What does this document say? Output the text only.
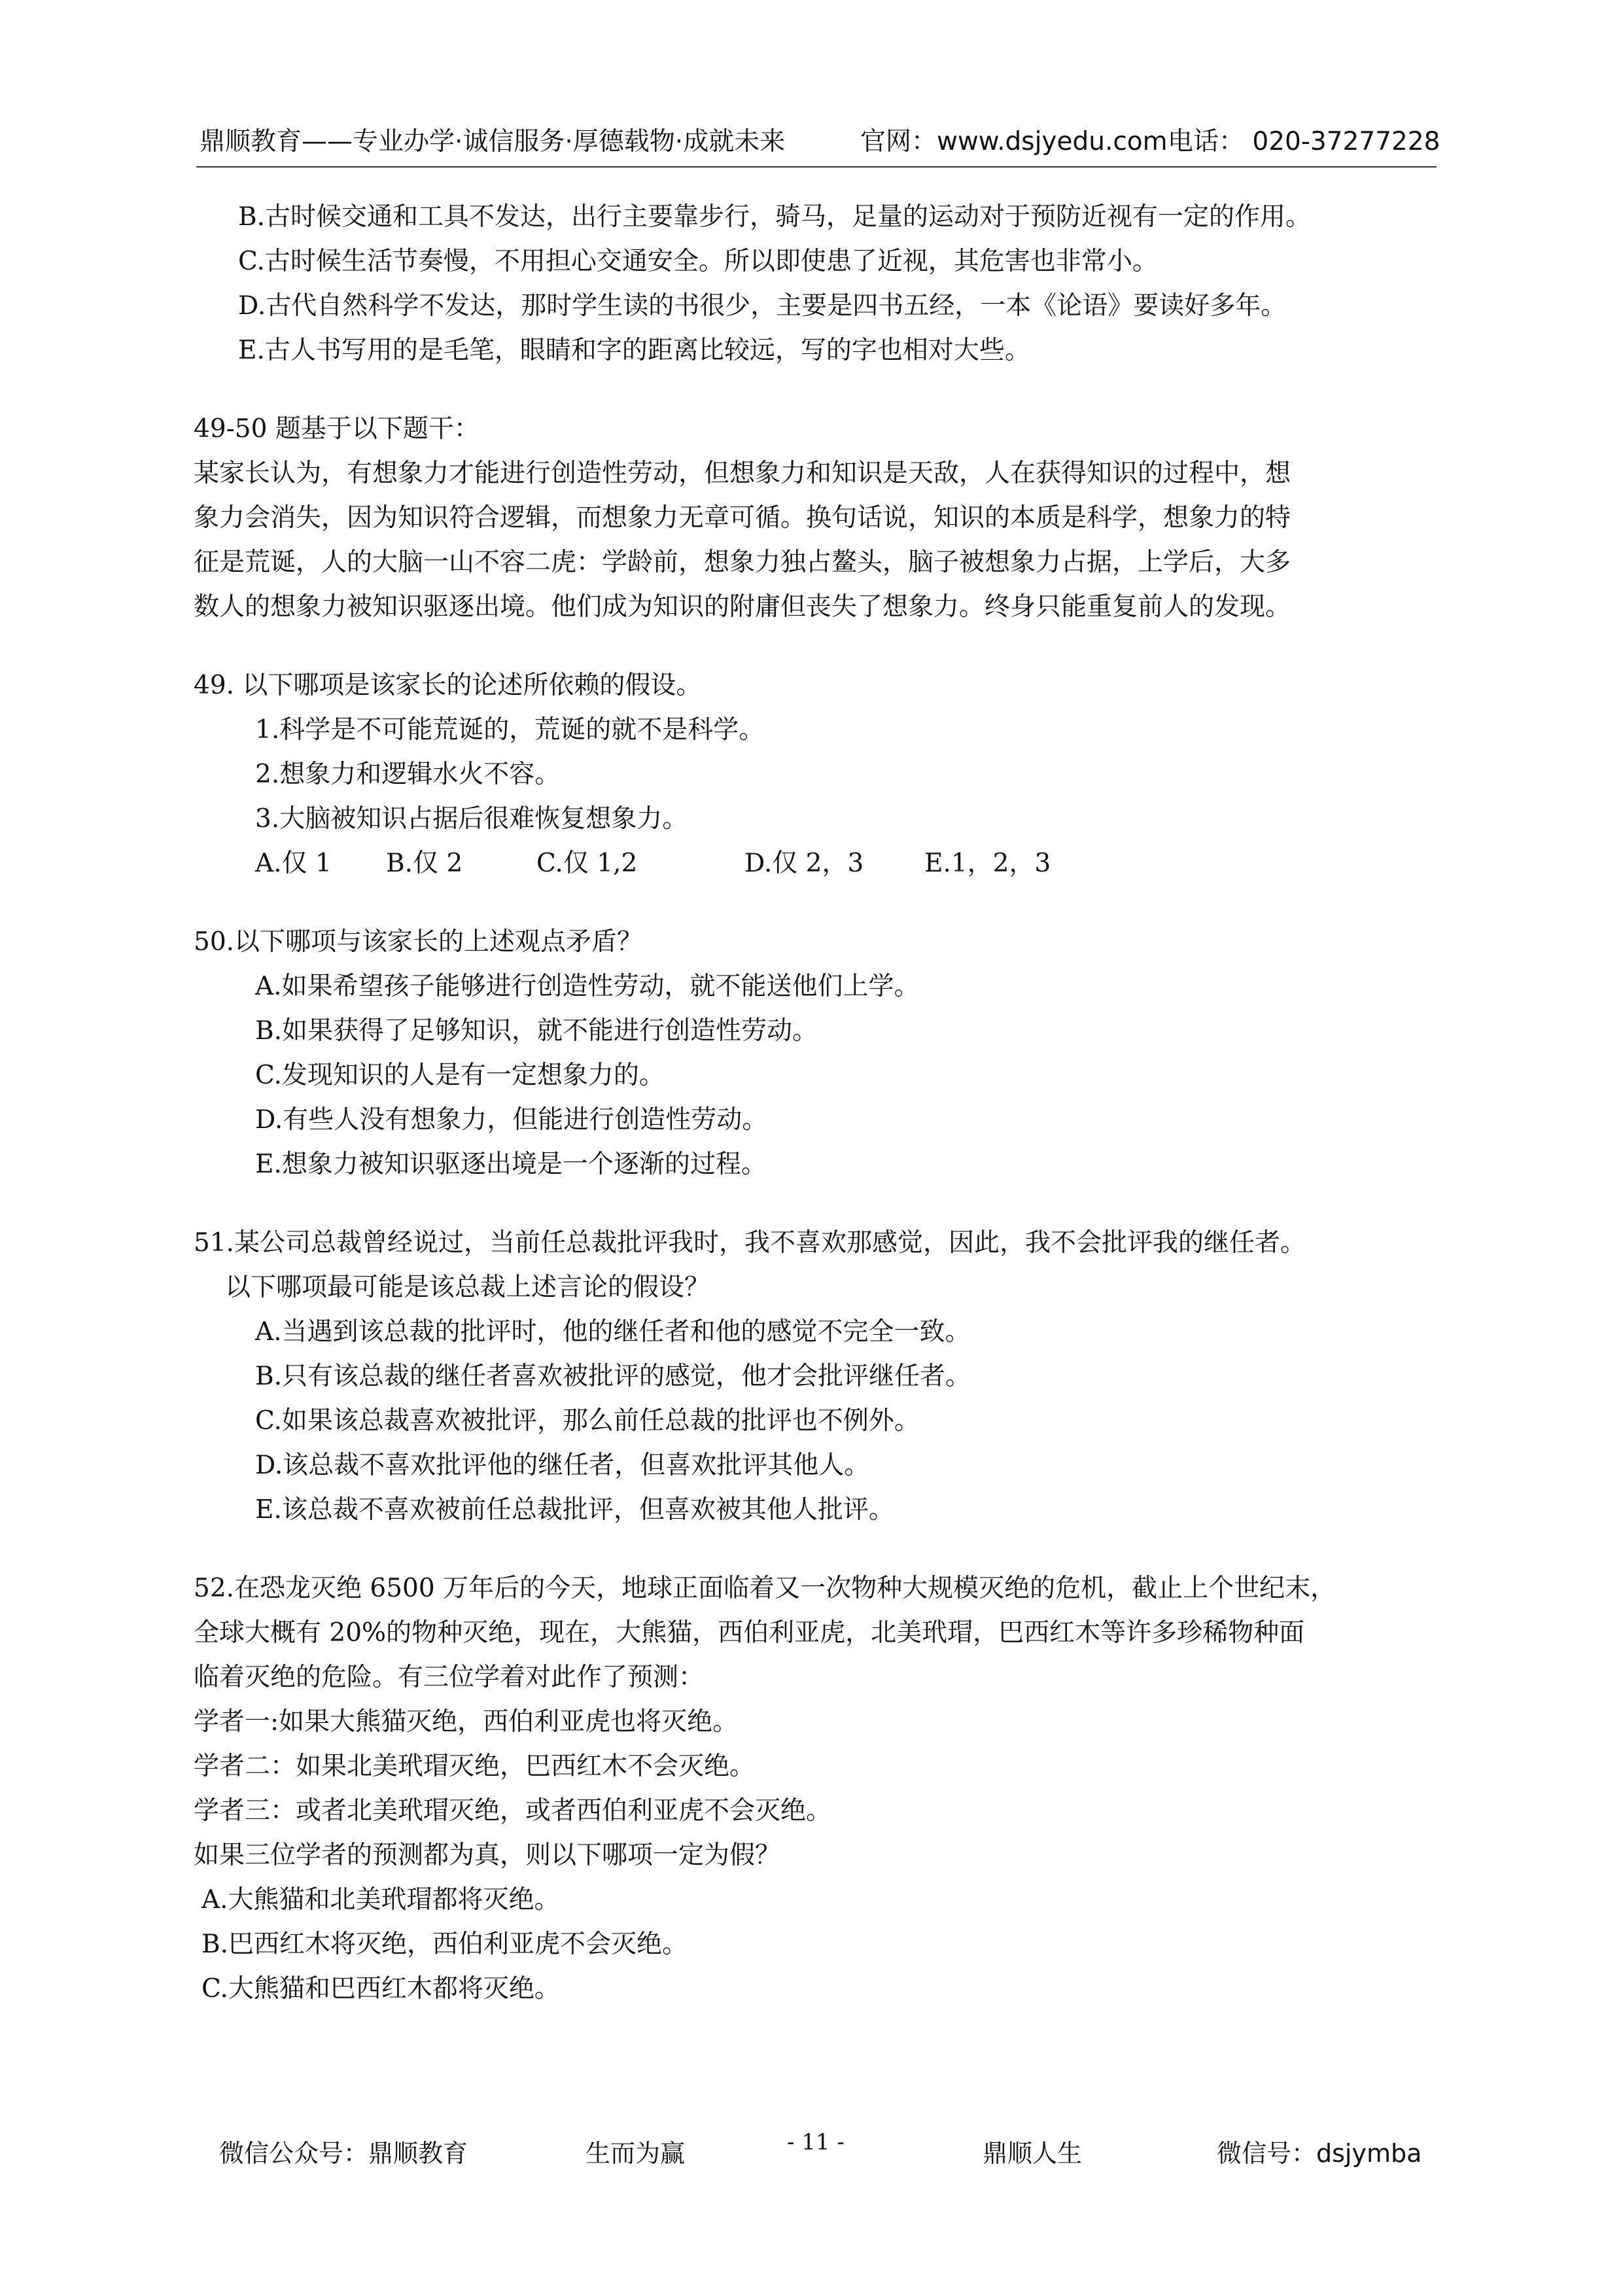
鼎顺教育——专业办学·诚信服务·厚德载物·成就未来	官网：www.dsjyedu.com 电话： 020-37277228
B.古时候交通和工具不发达，出行主要靠步行，骑马，足量的运动对于预防近视有一定的作用。
C.古时候生活节奏慢，不用担心交通安全。所以即使患了近视，其危害也非常小。
D.古代自然科学不发达，那时学生读的书很少，主要是四书五经，一本《论语》要读好多年。
E.古人书写用的是毛笔，眼睛和字的距离比较远，写的字也相对大些。
49-50 题基于以下题干：
某家长认为，有想象力才能进行创造性劳动，但想象力和知识是天敌，人在获得知识的过程中，想
象力会消失，因为知识符合逻辑，而想象力无章可循。换句话说，知识的本质是科学，想象力的特
征是荒诞，人的大脑一山不容二虎：学龄前，想象力独占鳌头，脑子被想象力占据，上学后，大多
数人的想象力被知识驱逐出境。他们成为知识的附庸但丧失了想象力。终身只能重复前人的发现。
49. 以下哪项是该家长的论述所依赖的假设。
1.科学是不可能荒诞的，荒诞的就不是科学。
2.想象力和逻辑水火不容。
3.大脑被知识占据后很难恢复想象力。
A.仅 1 B.仅 2	C.仅 1,2	D.仅 2，3 E.1，2，3
50.以下哪项与该家长的上述观点矛盾？
A.如果希望孩子能够进行创造性劳动，就不能送他们上学。
B.如果获得了足够知识，就不能进行创造性劳动。
C.发现知识的人是有一定想象力的。
D.有些人没有想象力，但能进行创造性劳动。
E.想象力被知识驱逐出境是一个逐渐的过程。
51.某公司总裁曾经说过，当前任总裁批评我时，我不喜欢那感觉，因此，我不会批评我的继任者。
以下哪项最可能是该总裁上述言论的假设？
A.当遇到该总裁的批评时，他的继任者和他的感觉不完全一致。
B.只有该总裁的继任者喜欢被批评的感觉，他才会批评继任者。
C.如果该总裁喜欢被批评，那么前任总裁的批评也不例外。
D.该总裁不喜欢批评他的继任者，但喜欢批评其他人。
E.该总裁不喜欢被前任总裁批评，但喜欢被其他人批评。
52.在恐龙灭绝 6500 万年后的今天，地球正面临着又一次物种大规模灭绝的危机，截止上个世纪末，
全球大概有 20%的物种灭绝，现在，大熊猫，西伯利亚虎，北美玳瑁，巴西红木等许多珍稀物种面
临着灭绝的危险。有三位学着对此作了预测：
学者一:如果大熊猫灭绝，西伯利亚虎也将灭绝。
学者二：如果北美玳瑁灭绝，巴西红木不会灭绝。
学者三：或者北美玳瑁灭绝，或者西伯利亚虎不会灭绝。
如果三位学者的预测都为真，则以下哪项一定为假？
A.大熊猫和北美玳瑁都将灭绝。
B.巴西红木将灭绝，西伯利亚虎不会灭绝。
C.大熊猫和巴西红木都将灭绝。
微信公众号：鼎顺教育	生而为赢	- 11 -	鼎顺人生	微信号：dsjymba
